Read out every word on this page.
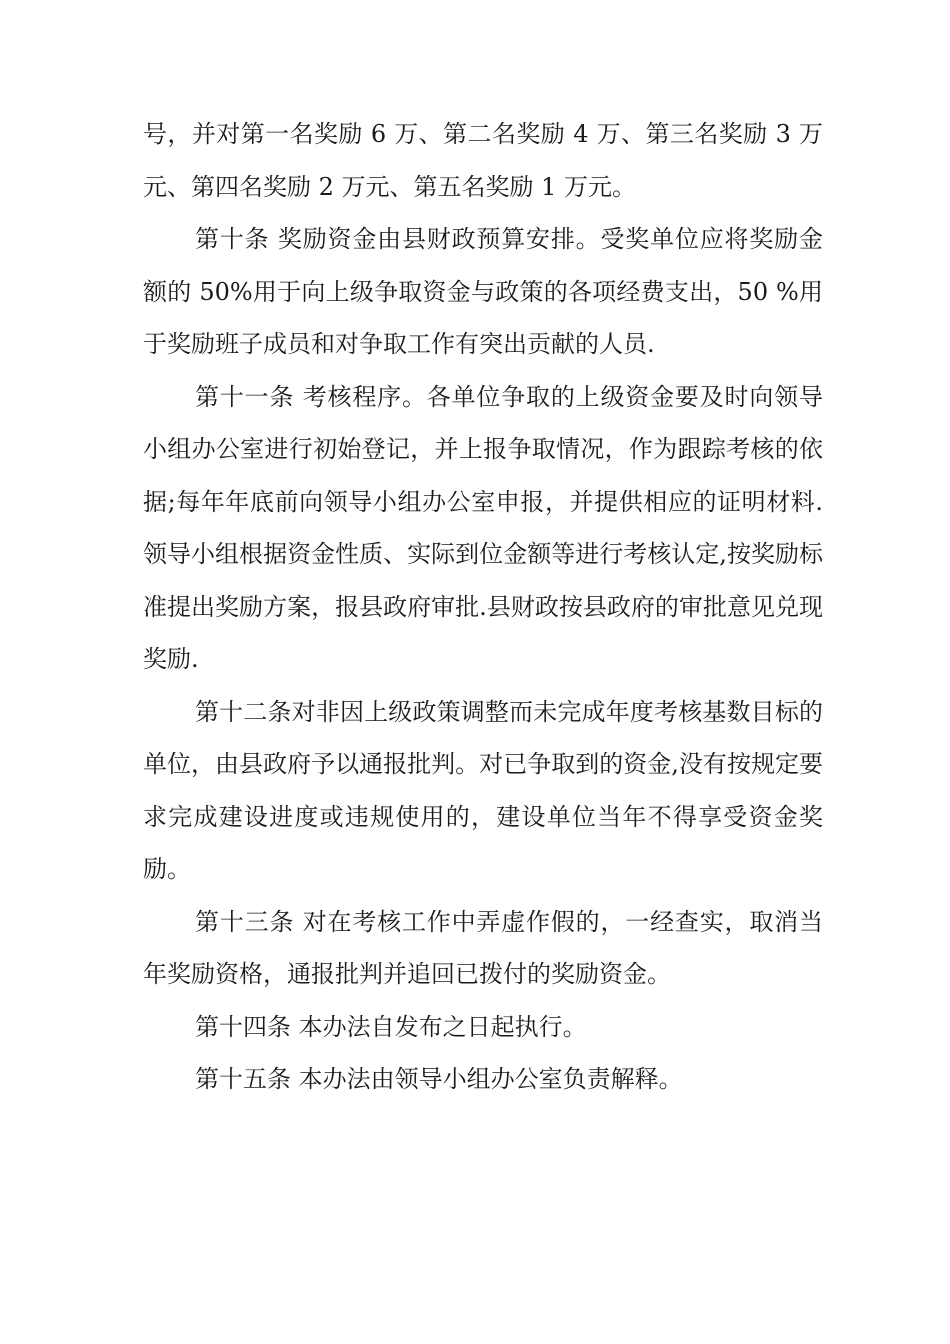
号，并对第一名奖励 6 万、第二名奖励 4 万、第三名奖励 3 万元、第四名奖励 2 万元、第五名奖励 1 万元。

第十条 奖励资金由县财政预算安排。受奖单位应将奖励金额的 50%用于向上级争取资金与政策的各项经费支出，50 %用于奖励班子成员和对争取工作有突出贡献的人员.

第十一条 考核程序。各单位争取的上级资金要及时向领导小组办公室进行初始登记，并上报争取情况，作为跟踪考核的依据;每年年底前向领导小组办公室申报，并提供相应的证明材料.领导小组根据资金性质、实际到位金额等进行考核认定,按奖励标准提出奖励方案，报县政府审批.县财政按县政府的审批意见兑现奖励.

第十二条对非因上级政策调整而未完成年度考核基数目标的单位，由县政府予以通报批判。对已争取到的资金,没有按规定要求完成建设进度或违规使用的，建设单位当年不得享受资金奖励。

第十三条 对在考核工作中弄虚作假的，一经查实，取消当年奖励资格，通报批判并追回已拨付的奖励资金。

第十四条 本办法自发布之日起执行。

第十五条 本办法由领导小组办公室负责解释。
